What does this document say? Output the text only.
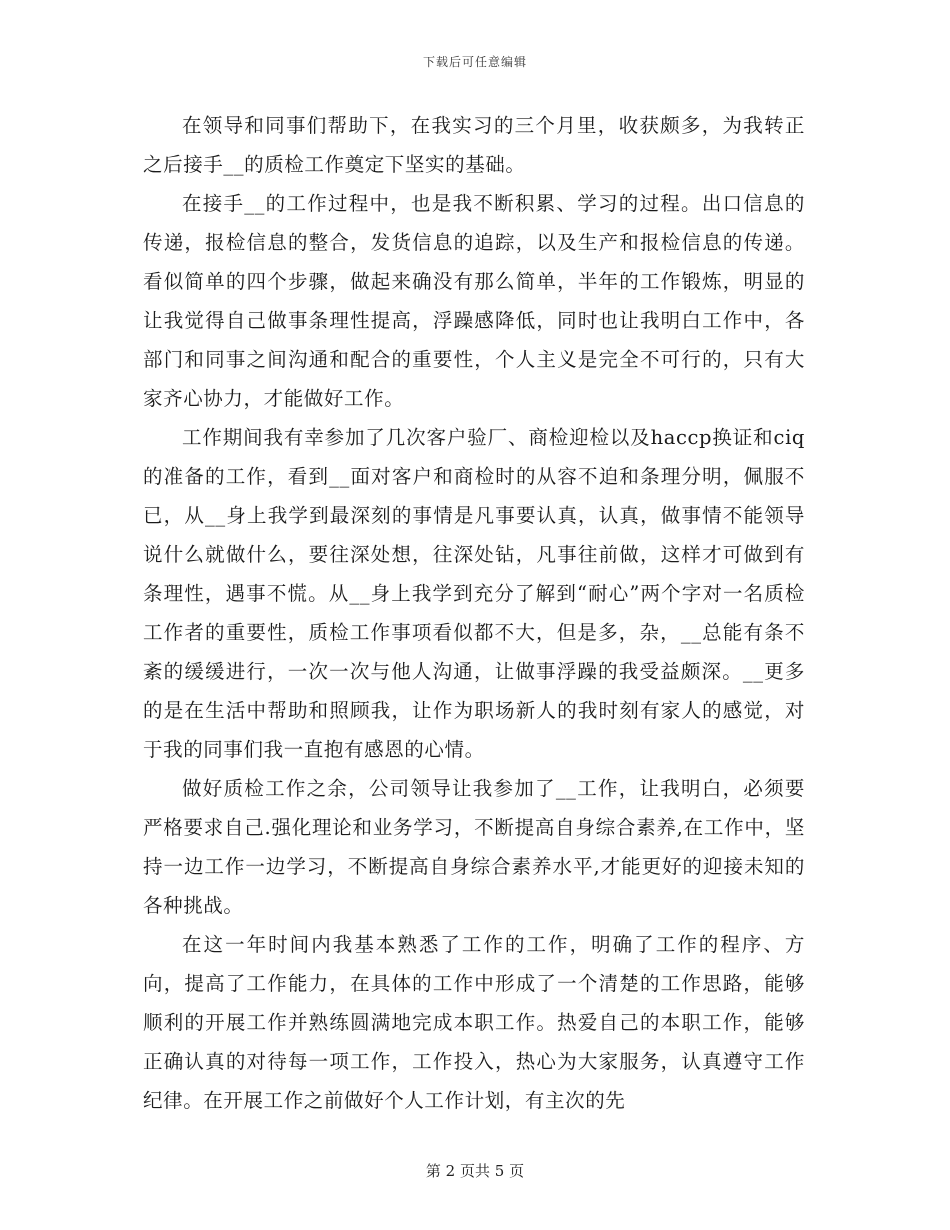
下载后可任意编辑

在领导和同事们帮助下，在我实习的三个月里，收获颇多，为我转正之后接手__的质检工作奠定下坚实的基础。

在接手__的工作过程中，也是我不断积累、学习的过程。出口信息的传递，报检信息的整合，发货信息的追踪，以及生产和报检信息的传递。看似简单的四个步骤，做起来确没有那么简单，半年的工作锻炼，明显的让我觉得自己做事条理性提高，浮躁感降低，同时也让我明白工作中，各部门和同事之间沟通和配合的重要性，个人主义是完全不可行的，只有大家齐心协力，才能做好工作。

工作期间我有幸参加了几次客户验厂、商检迎检以及haccp换证和ciq的准备的工作，看到__面对客户和商检时的从容不迫和条理分明，佩服不已，从__身上我学到最深刻的事情是凡事要认真，认真，做事情不能领导说什么就做什么，要往深处想，往深处钻，凡事往前做，这样才可做到有条理性，遇事不慌。从__身上我学到充分了解到“耐心”两个字对一名质检工作者的重要性，质检工作事项看似都不大，但是多，杂，__总能有条不紊的缓缓进行，一次一次与他人沟通，让做事浮躁的我受益颇深。__更多的是在生活中帮助和照顾我，让作为职场新人的我时刻有家人的感觉，对于我的同事们我一直抱有感恩的心情。

做好质检工作之余，公司领导让我参加了__工作，让我明白，必须要严格要求自己.强化理论和业务学习，不断提高自身综合素养,在工作中，坚持一边工作一边学习，不断提高自身综合素养水平,才能更好的迎接未知的各种挑战。

在这一年时间内我基本熟悉了工作的工作，明确了工作的程序、方向，提高了工作能力，在具体的工作中形成了一个清楚的工作思路，能够顺利的开展工作并熟练圆满地完成本职工作。热爱自己的本职工作，能够正确认真的对待每一项工作，工作投入，热心为大家服务，认真遵守工作纪律。在开展工作之前做好个人工作计划，有主次的先

第 2 页共 5 页
